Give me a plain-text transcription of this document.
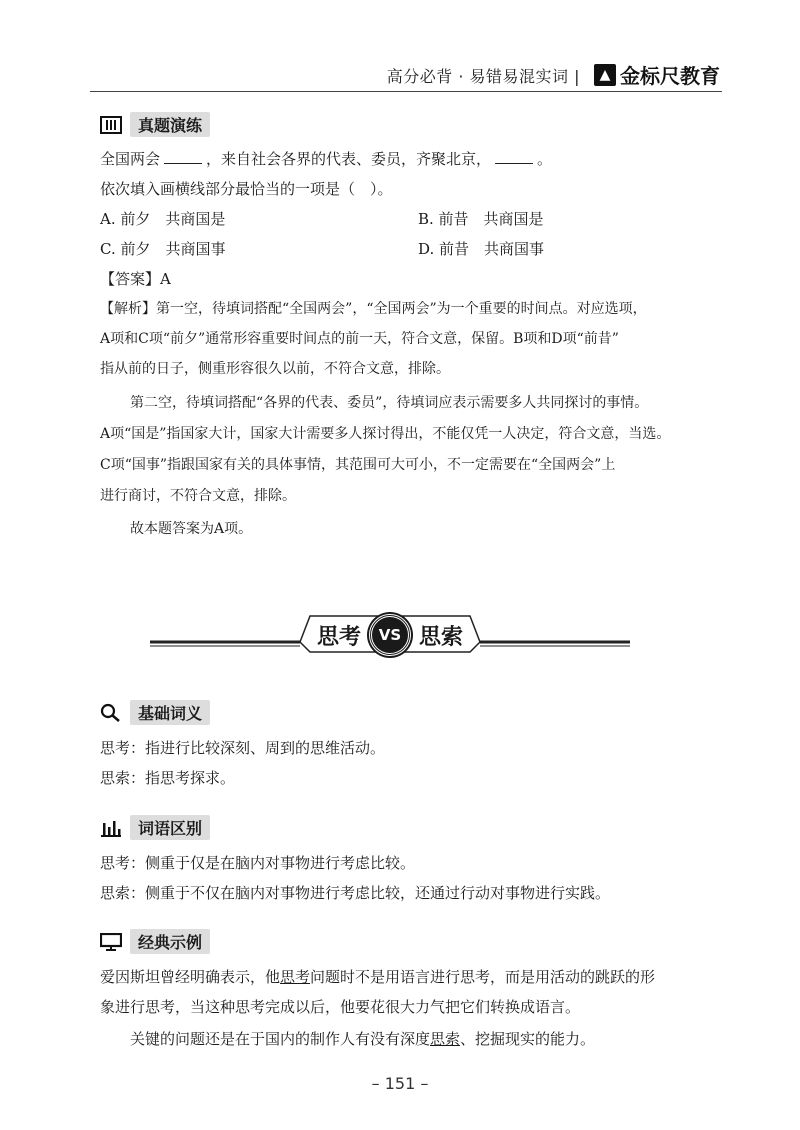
高分必背 · 易错易混实词 |	▲ 金标尺教育
真题演练
全国两会	，来自社会各界的代表、委员，齐聚北京，	。
依次填入画横线部分最恰当的一项是（　）。
A. 前夕　共商国是	B. 前昔　共商国是
C. 前夕　共商国事	D. 前昔　共商国事
【答案】A
【解析】第一空，待填词搭配“全国两会”，“全国两会”为一个重要的时间点。对应选项，
A项和C项“前夕”通常形容重要时间点的前一天，符合文意，保留。B项和D项“前昔”
指从前的日子，侧重形容很久以前，不符合文意，排除。
第二空，待填词搭配“各界的代表、委员”，待填词应表示需要多人共同探讨的事情。
A项“国是”指国家大计，国家大计需要多人探讨得出，不能仅凭一人决定，符合文意，当选。
C项“国事”指跟国家有关的具体事情，其范围可大可小，不一定需要在“全国两会”上
进行商讨，不符合文意，排除。
故本题答案为A项。
思考	VS 思索
基础词义
思考：指进行比较深刻、周到的思维活动。
思索：指思考探求。
词语区别
思考：侧重于仅是在脑内对事物进行考虑比较。
思索：侧重于不仅在脑内对事物进行考虑比较，还通过行动对事物进行实践。
经典示例
爱因斯坦曾经明确表示，他思考问题时不是用语言进行思考，而是用活动的跳跃的形
象进行思考，当这种思考完成以后，他要花很大力气把它们转换成语言。
关键的问题还是在于国内的制作人有没有深度思索、挖掘现实的能力。
– 151 –
